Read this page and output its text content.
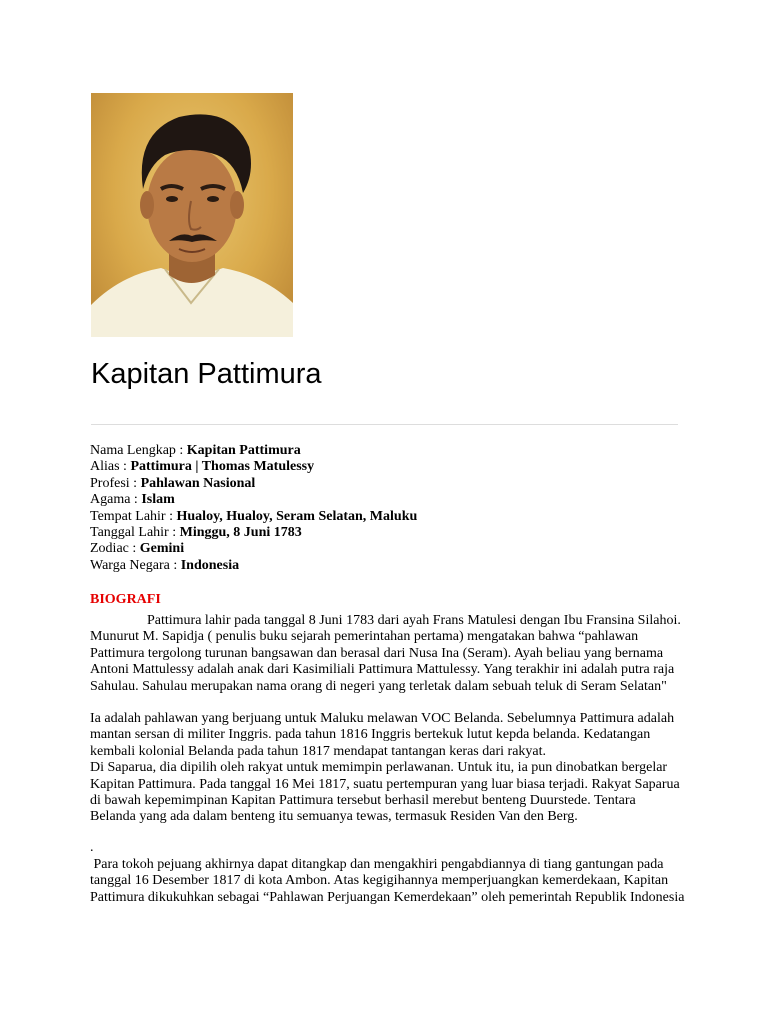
Kapitan Pattimura
Nama Lengkap : Kapitan Pattimura
Alias : Pattimura | Thomas Matulessy
Profesi : Pahlawan Nasional
Agama : Islam
Tempat Lahir : Hualoy, Hualoy, Seram Selatan, Maluku
Tanggal Lahir : Minggu, 8 Juni 1783
Zodiac : Gemini
Warga Negara : Indonesia
BIOGRAFI
Pattimura lahir pada tanggal 8 Juni 1783 dari ayah Frans Matulesi dengan Ibu Fransina Silahoi.
Munurut M. Sapidja ( penulis buku sejarah pemerintahan pertama) mengatakan bahwa “pahlawan
Pattimura tergolong turunan bangsawan dan berasal dari Nusa Ina (Seram). Ayah beliau yang bernama
Antoni Mattulessy adalah anak dari Kasimiliali Pattimura Mattulessy. Yang terakhir ini adalah putra raja
Sahulau. Sahulau merupakan nama orang di negeri yang terletak dalam sebuah teluk di Seram Selatan"
Ia adalah pahlawan yang berjuang untuk Maluku melawan VOC Belanda. Sebelumnya Pattimura adalah
mantan sersan di militer Inggris. pada tahun 1816 Inggris bertekuk lutut kepda belanda. Kedatangan
kembali kolonial Belanda pada tahun 1817 mendapat tantangan keras dari rakyat.
Di Saparua, dia dipilih oleh rakyat untuk memimpin perlawanan. Untuk itu, ia pun dinobatkan bergelar
Kapitan Pattimura. Pada tanggal 16 Mei 1817, suatu pertempuran yang luar biasa terjadi. Rakyat Saparua
di bawah kepemimpinan Kapitan Pattimura tersebut berhasil merebut benteng Duurstede. Tentara
Belanda yang ada dalam benteng itu semuanya tewas, termasuk Residen Van den Berg.
.
Para tokoh pejuang akhirnya dapat ditangkap dan mengakhiri pengabdiannya di tiang gantungan pada
tanggal 16 Desember 1817 di kota Ambon. Atas kegigihannya memperjuangkan kemerdekaan, Kapitan
Pattimura dikukuhkan sebagai “Pahlawan Perjuangan Kemerdekaan” oleh pemerintah Republik Indonesia
